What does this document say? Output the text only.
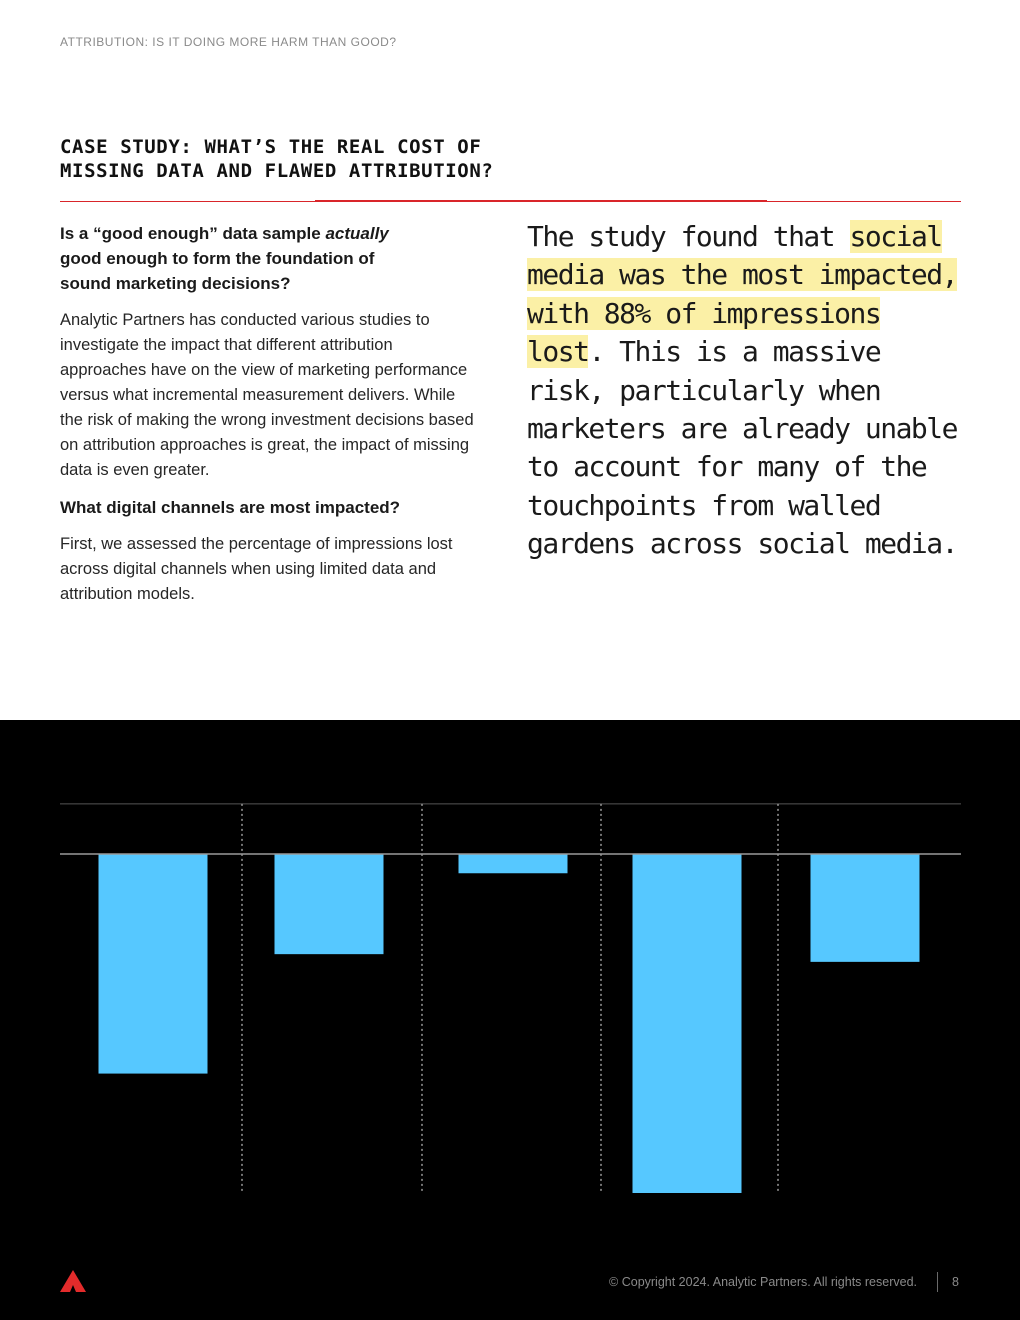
ATTRIBUTION: IS IT DOING MORE HARM THAN GOOD?
CASE STUDY: WHAT’S THE REAL COST OF
MISSING DATA AND FLAWED ATTRIBUTION?

Is a “good enough” data sample actually good enough to form the foundation of sound marketing decisions?

Analytic Partners has conducted various studies to investigate the impact that different attribution approaches have on the view of marketing performance versus what incremental measurement delivers. While the risk of making the wrong investment decisions based on attribution approaches is great, the impact of missing data is even greater.

What digital channels are most impacted?

First, we assessed the percentage of impressions lost across digital channels when using limited data and attribution models.

The study found that social media was the most impacted, with 88% of impressions lost. This is a massive risk, particularly when marketers are already unable to account for many of the touchpoints from walled gardens across social media.

© Copyright 2024. Analytic Partners. All rights reserved.	8
